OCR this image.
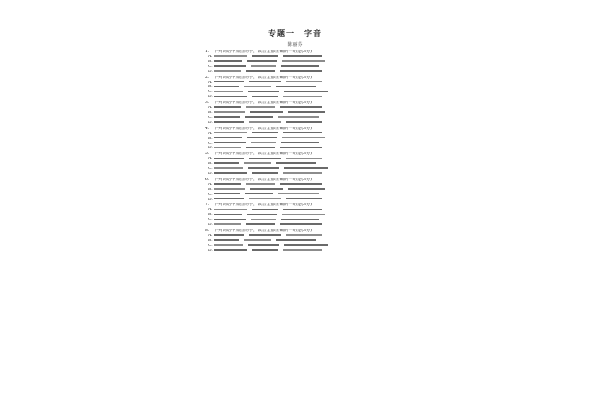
专题一　字音
陈丽芬
1.　下列词语中加点的字，读音全都正确的一组是(3分)
A.
B.
C.
D.
2.　下列词语中加点的字，读音全都正确的一组是(3分)
A.
B.
C.
D.
3.　下列词语中加点的字，读音全都正确的一组是(3分)
A.
B.
C.
D.
4.　下列词语中加点的字，读音全都正确的一组是(3分)
A.
B.
C.
D.
5.　下列词语中加点的字，读音全都正确的一组是(3分)
A.
B.
C.
D.
6.　下列词语中加点的字，读音全都正确的一组是(3分)
A.
B.
C.
D.
7.　下列词语中加点的字，读音全都正确的一组是(3分)
A.
B.
C.
D.
8.　下列词语中加点的字，读音全都正确的一组是(3分)
A.
B.
C.
D.
